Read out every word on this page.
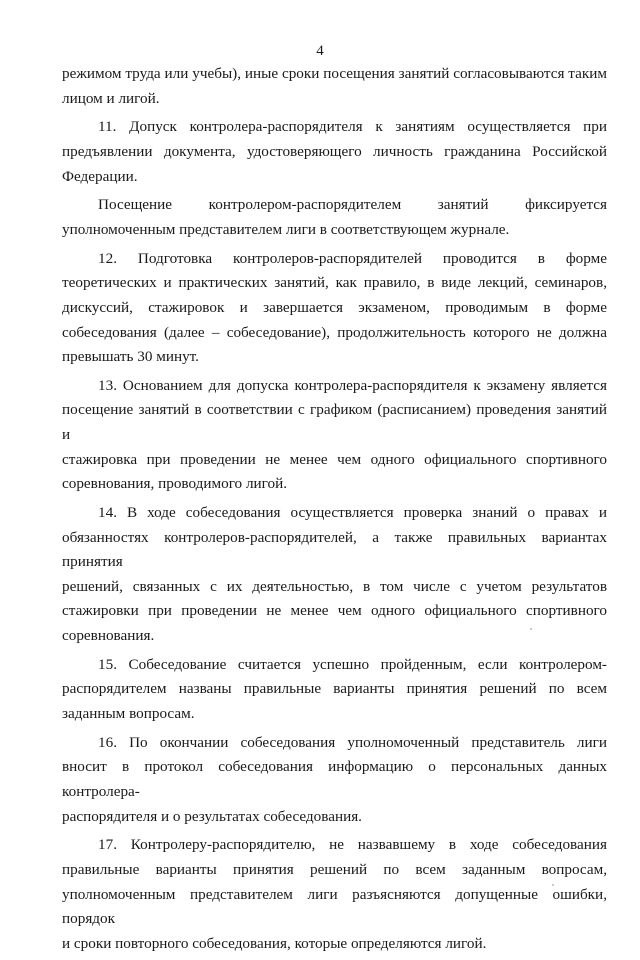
4
режимом труда или учебы), иные сроки посещения занятий согласовываются таким
лицом и лигой.
11. Допуск контролера-распорядителя к занятиям осуществляется при
предъявлении документа, удостоверяющего личность гражданина Российской
Федерации.
Посещение контролером-распорядителем занятий фиксируется
уполномоченным представителем лиги в соответствующем журнале.
12. Подготовка контролеров-распорядителей проводится в форме
теоретических и практических занятий, как правило, в виде лекций, семинаров,
дискуссий, стажировок и завершается экзаменом, проводимым в форме
собеседования (далее – собеседование), продолжительность которого не должна
превышать 30 минут.
13. Основанием для допуска контролера-распорядителя к экзамену является
посещение занятий в соответствии с графиком (расписанием) проведения занятий и
стажировка при проведении не менее чем одного официального спортивного
соревнования, проводимого лигой.
14. В ходе собеседования осуществляется проверка знаний о правах и
обязанностях контролеров-распорядителей, а также правильных вариантах принятия
решений, связанных с их деятельностью, в том числе с учетом результатов
стажировки при проведении не менее чем одного официального спортивного
соревнования.
15. Собеседование считается успешно пройденным, если контролером-
распорядителем названы правильные варианты принятия решений по всем
заданным вопросам.
16. По окончании собеседования уполномоченный представитель лиги
вносит в протокол собеседования информацию о персональных данных контролера-
распорядителя и о результатах собеседования.
17. Контролеру-распорядителю, не назвавшему в ходе собеседования
правильные варианты принятия решений по всем заданным вопросам,
уполномоченным представителем лиги разъясняются допущенные ошибки, порядок
и сроки повторного собеседования, которые определяются лигой.
